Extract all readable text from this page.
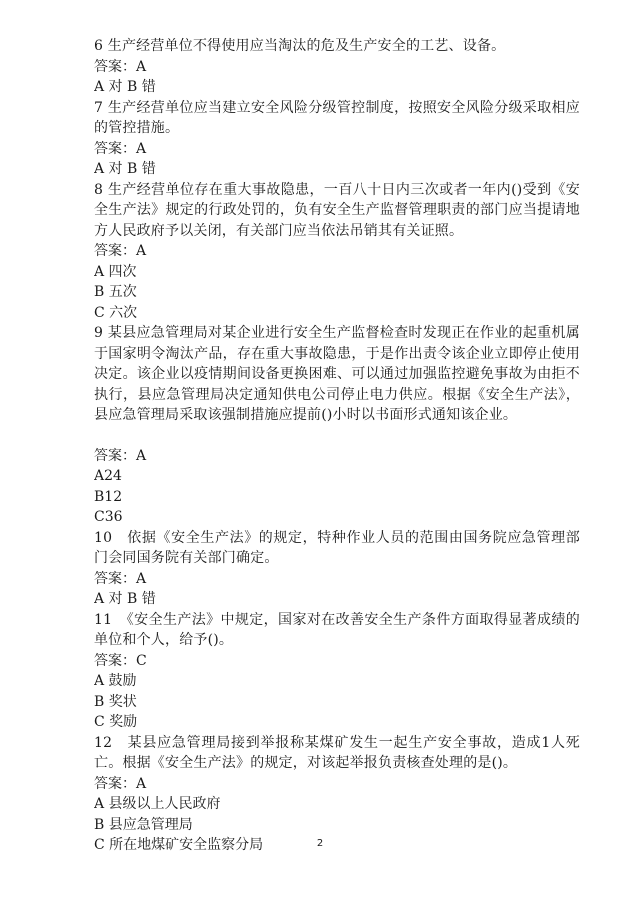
6 生产经营单位不得使用应当淘汰的危及生产安全的工艺、设备。
答案：A
A 对 B 错
7 生产经营单位应当建立安全风险分级管控制度，按照安全风险分级采取相应的管控措施。
答案：A
A 对 B 错
8 生产经营单位存在重大事故隐患，一百八十日内三次或者一年内()受到《安全生产法》规定的行政处罚的，负有安全生产监督管理职责的部门应当提请地方人民政府予以关闭，有关部门应当依法吊销其有关证照。
答案：A
A 四次
B 五次
C 六次
9 某县应急管理局对某企业进行安全生产监督检查时发现正在作业的起重机属于国家明令淘汰产品，存在重大事故隐患，于是作出责令该企业立即停止使用决定。该企业以疫情期间设备更换困难、可以通过加强监控避免事故为由拒不执行，县应急管理局决定通知供电公司停止电力供应。根据《安全生产法》，县应急管理局采取该强制措施应提前()小时以书面形式通知该企业。
答案：A
A24
B12
C36
10　依据《安全生产法》的规定，特种作业人员的范围由国务院应急管理部门会同国务院有关部门确定。
答案：A
A 对 B 错
11　《安全生产法》中规定，国家对在改善安全生产条件方面取得显著成绩的单位和个人，给予()。
答案：C
A 鼓励
B 奖状
C 奖励
12　某县应急管理局接到举报称某煤矿发生一起生产安全事故，造成1人死亡。根据《安全生产法》的规定，对该起举报负责核查处理的是()。
答案：A
A 县级以上人民政府
B 县应急管理局
C 所在地煤矿安全监察分局	2
